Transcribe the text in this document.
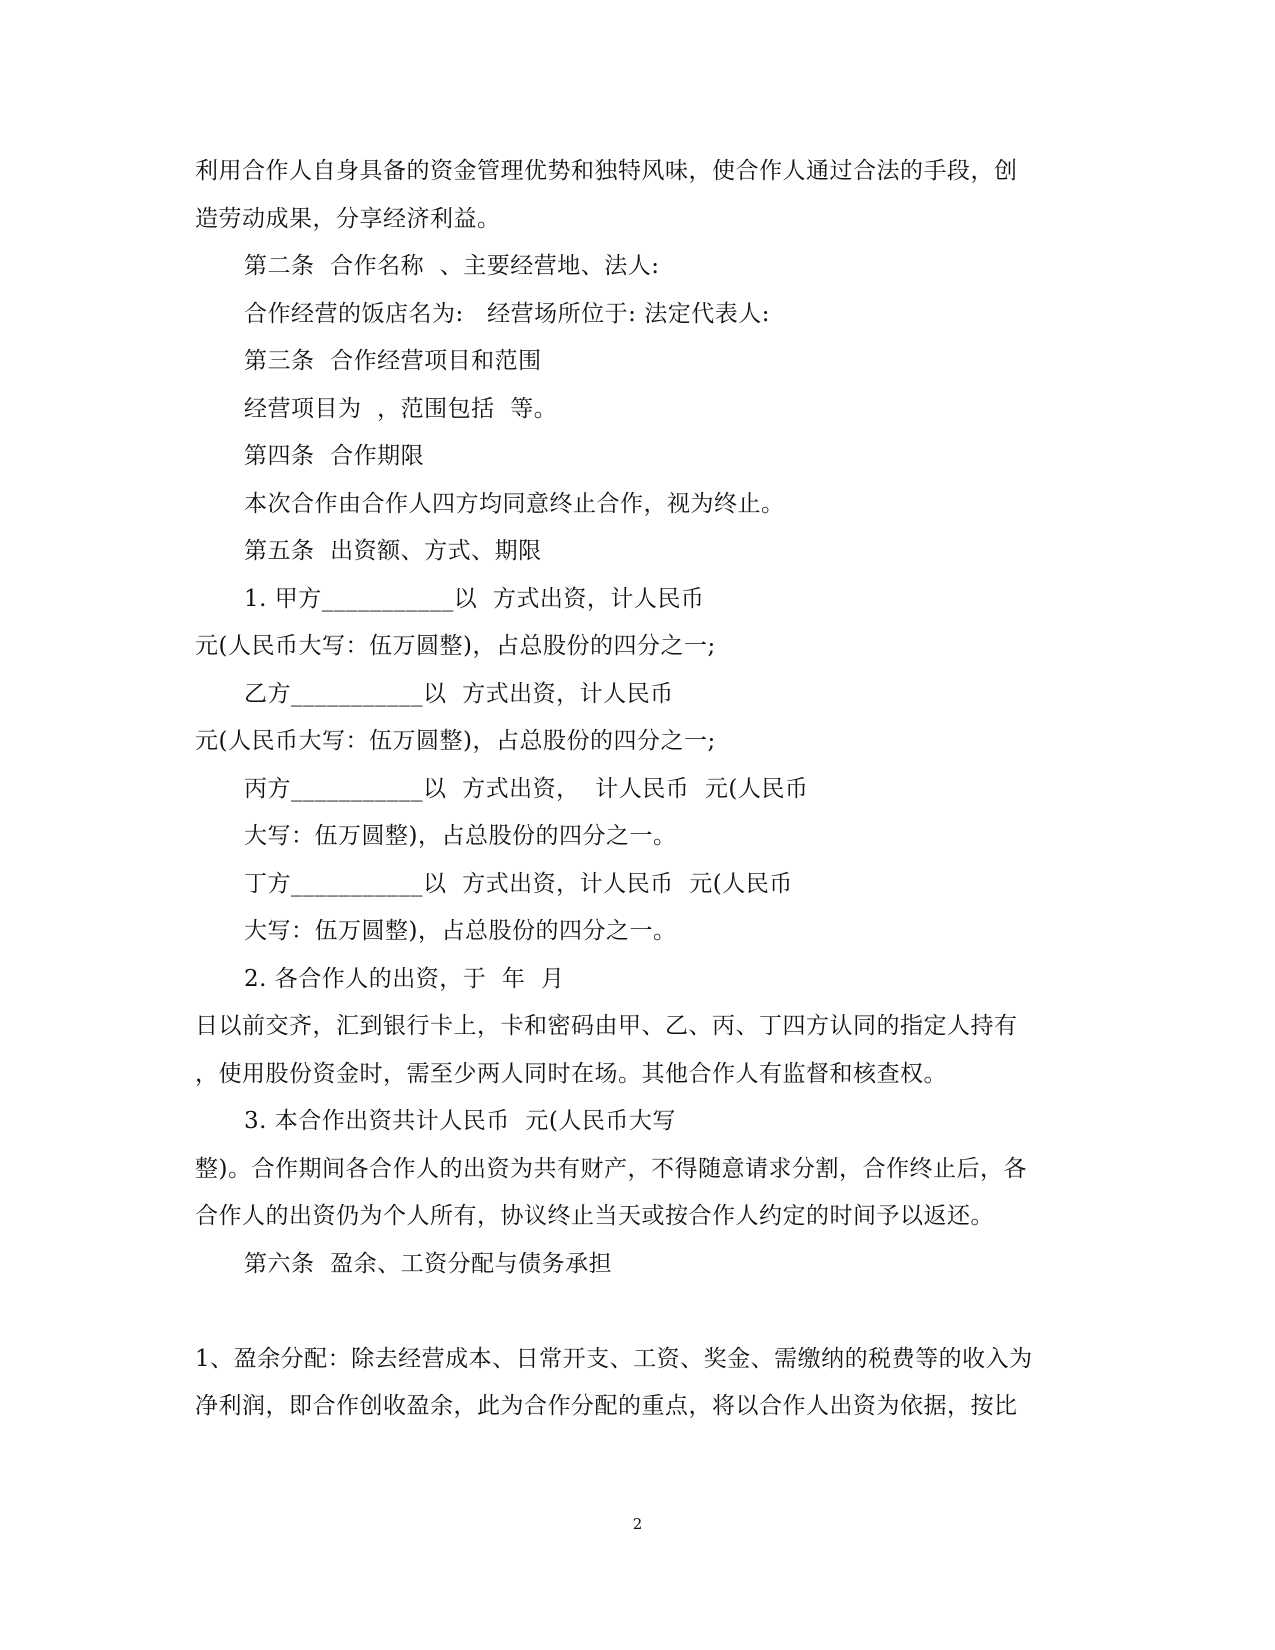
利用合作人自身具备的资金管理优势和独特风味，使合作人通过合法的手段，创
造劳动成果，分享经济利益。
第二条  合作名称  、主要经营地、法人:
合作经营的饭店名为:   经营场所位于: 法定代表人:
第三条  合作经营项目和范围
经营项目为  ，范围包括  等。
第四条  合作期限
本次合作由合作人四方均同意终止合作，视为终止。
第五条  出资额、方式、期限
1. 甲方___________以  方式出资，计人民币
元(人民币大写：伍万圆整)，占总股份的四分之一;
乙方___________以  方式出资，计人民币
元(人民币大写：伍万圆整)，占总股份的四分之一;
丙方___________以  方式出资，  计人民币  元(人民币
大写：伍万圆整)，占总股份的四分之一。
丁方___________以  方式出资，计人民币  元(人民币
大写：伍万圆整)，占总股份的四分之一。
2. 各合作人的出资，于  年  月
日以前交齐，汇到银行卡上，卡和密码由甲、乙、丙、丁四方认同的指定人持有
，使用股份资金时，需至少两人同时在场。其他合作人有监督和核查权。
3. 本合作出资共计人民币  元(人民币大写
整)。合作期间各合作人的出资为共有财产，不得随意请求分割，合作终止后，各
合作人的出资仍为个人所有，协议终止当天或按合作人约定的时间予以返还。
第六条  盈余、工资分配与债务承担
1、盈余分配：除去经营成本、日常开支、工资、奖金、需缴纳的税费等的收入为
净利润，即合作创收盈余，此为合作分配的重点，将以合作人出资为依据，按比
2
